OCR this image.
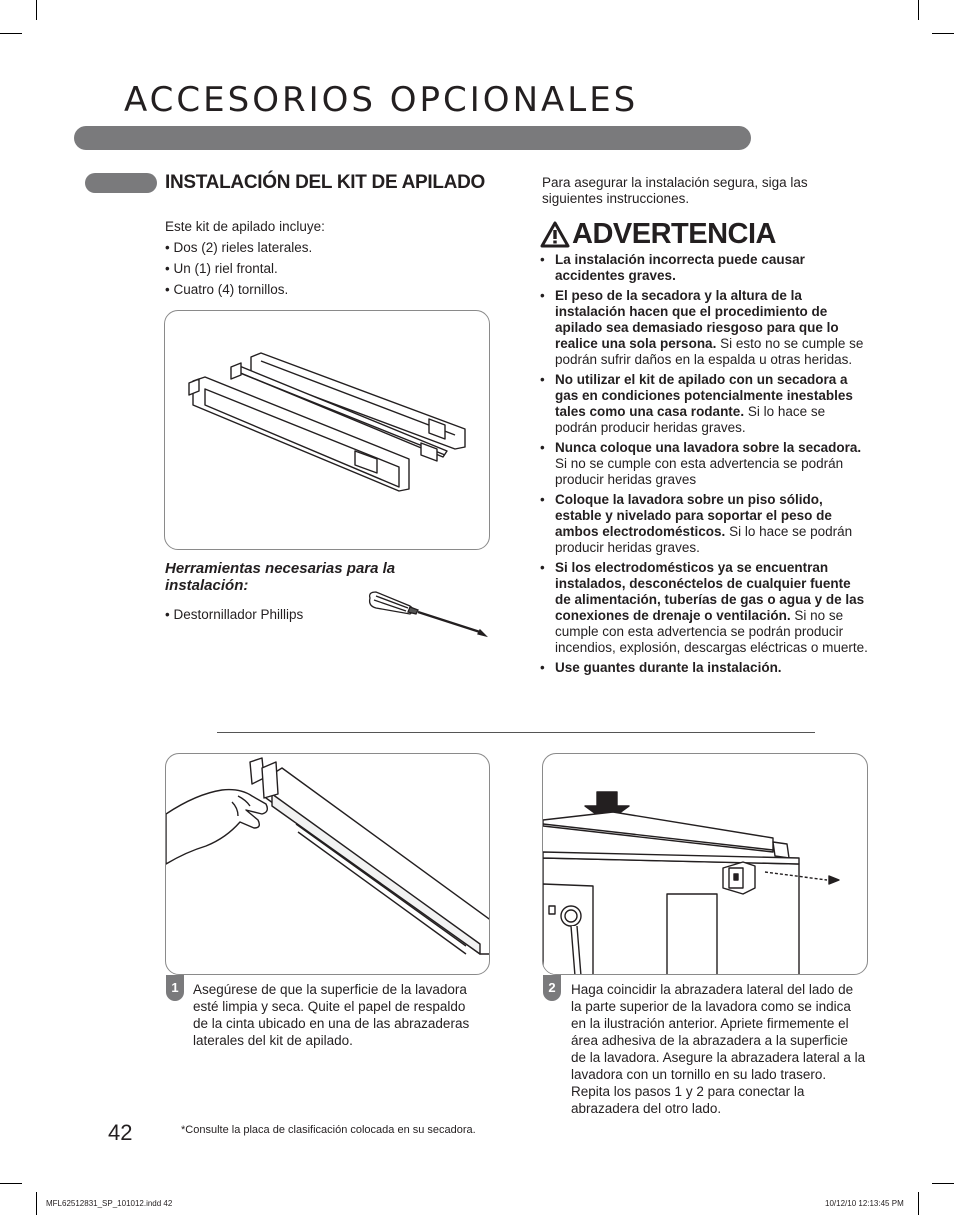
ACCESORIOS OPCIONALES
INSTALACIÓN DEL KIT DE APILADO
Este kit de apilado incluye:
• Dos (2) rieles laterales.
• Un (1) riel frontal.
• Cuatro (4) tornillos.
Herramientas necesarias para la instalación:
• Destornillador Phillips
Para asegurar la instalación segura, siga las siguientes instrucciones.
ADVERTENCIA
• La instalación incorrecta puede causar accidentes graves.
• El peso de la secadora y la altura de la instalación hacen que el procedimiento de apilado sea demasiado riesgoso para que lo realice una sola persona. Si esto no se cumple se podrán sufrir daños en la espalda u otras heridas.
• No utilizar el kit de apilado con un secadora a gas en condiciones potencialmente inestables tales como una casa rodante. Si lo hace se podrán producir heridas graves.
• Nunca coloque una lavadora sobre la secadora. Si no se cumple con esta advertencia se podrán producir heridas graves
• Coloque la lavadora sobre un piso sólido, estable y nivelado para soportar el peso de ambos electrodomésticos. Si lo hace se podrán producir heridas graves.
• Si los electrodomésticos ya se encuentran instalados, desconéctelos de cualquier fuente de alimentación, tuberías de gas o agua y de las conexiones de drenaje o ventilación. Si no se cumple con esta advertencia se podrán producir incendios, explosión, descargas eléctricas o muerte.
• Use guantes durante la instalación.
1	Asegúrese de que la superficie de la lavadora esté limpia y seca. Quite el papel de respaldo de la cinta ubicado en una de las abrazaderas laterales del kit de apilado.
2	Haga coincidir la abrazadera lateral del lado de la parte superior de la lavadora como se indica en la ilustración anterior. Apriete firmemente el área adhesiva de la abrazadera a la superficie de la lavadora. Asegure la abrazadera lateral a la lavadora con un tornillo en su lado trasero. Repita los pasos 1 y 2 para conectar la abrazadera del otro lado.
42	*Consulte la placa de clasificación colocada en su secadora.
MFL62512831_SP_101012.indd 42	10/12/10 12:13:45 PM
